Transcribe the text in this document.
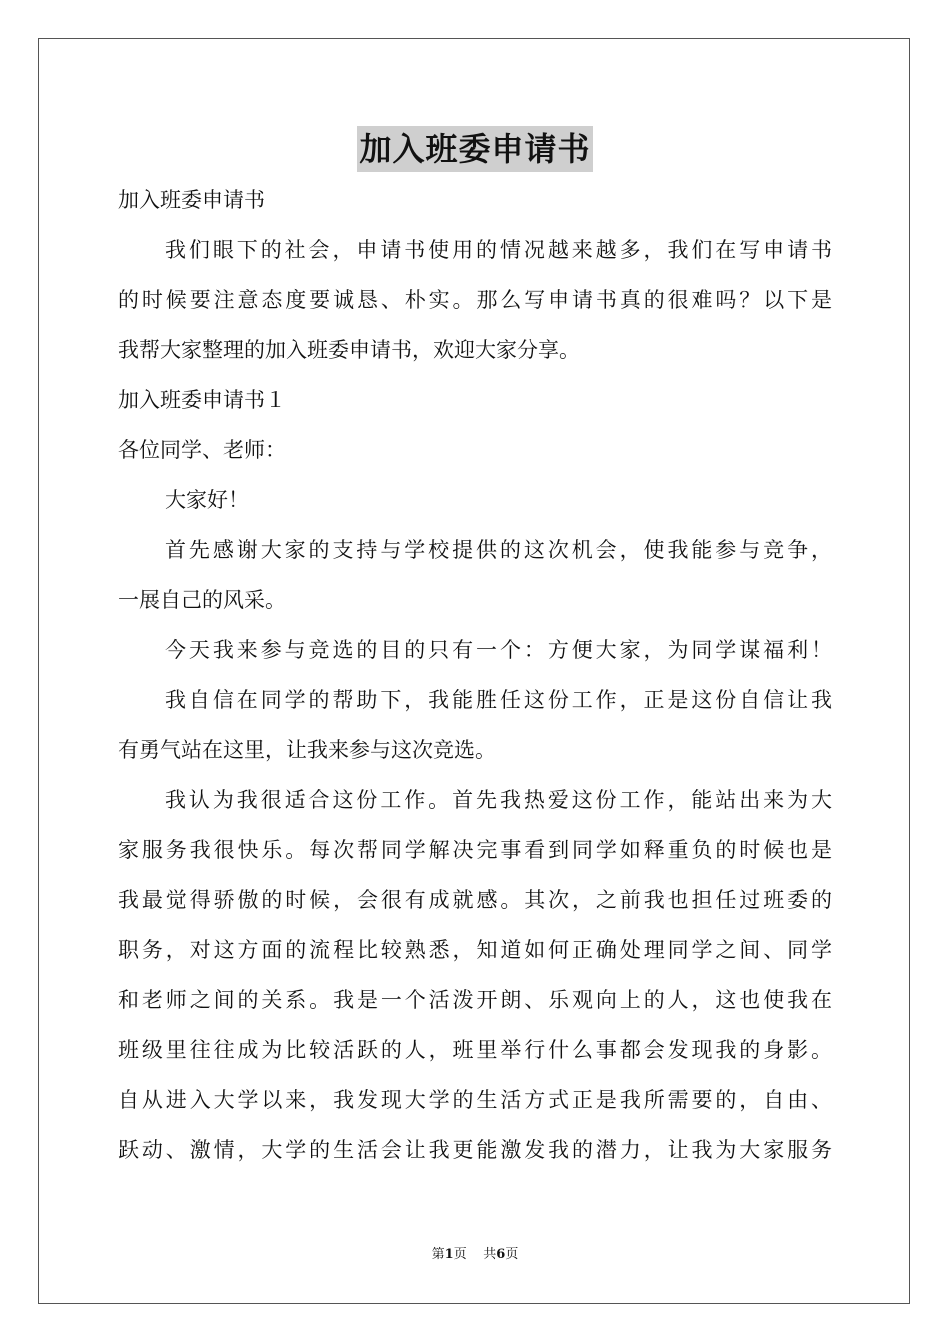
加入班委申请书
加入班委申请书
我们眼下的社会，申请书使用的情况越来越多，我们在写申请书
的时候要注意态度要诚恳、朴实。那么写申请书真的很难吗？以下是
我帮大家整理的加入班委申请书，欢迎大家分享。
加入班委申请书１
各位同学、老师：
大家好！
首先感谢大家的支持与学校提供的这次机会，使我能参与竞争，
一展自己的风采。
今天我来参与竞选的目的只有一个：方便大家，为同学谋福利！
我自信在同学的帮助下，我能胜任这份工作，正是这份自信让我
有勇气站在这里，让我来参与这次竞选。
我认为我很适合这份工作。首先我热爱这份工作，能站出来为大
家服务我很快乐。每次帮同学解决完事看到同学如释重负的时候也是
我最觉得骄傲的时候，会很有成就感。其次，之前我也担任过班委的
职务，对这方面的流程比较熟悉，知道如何正确处理同学之间、同学
和老师之间的关系。我是一个活泼开朗、乐观向上的人，这也使我在
班级里往往成为比较活跃的人，班里举行什么事都会发现我的身影。
自从进入大学以来，我发现大学的生活方式正是我所需要的，自由、
跃动、激情，大学的生活会让我更能激发我的潜力，让我为大家服务
第1页 共6页
